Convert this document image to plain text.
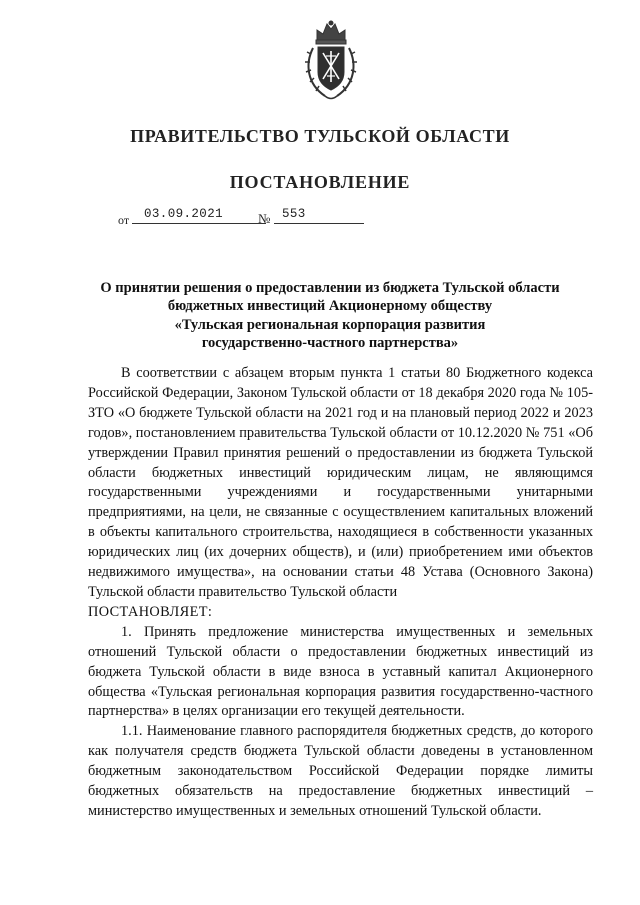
ПРАВИТЕЛЬСТВО ТУЛЬСКОЙ ОБЛАСТИ
ПОСТАНОВЛЕНИЕ
от 03.09.2021	№ 553
О принятии решения о предоставлении из бюджета Тульской области
бюджетных инвестиций Акционерному обществу
«Тульская региональная корпорация развития
государственно-частного партнерства»

В соответствии с абзацем вторым пункта 1 статьи 80 Бюджетного кодекса Российской Федерации, Законом Тульской области от 18 декабря 2020 года № 105-ЗТО «О бюджете Тульской области на 2021 год и на плановый период 2022 и 2023 годов», постановлением правительства Тульской области от 10.12.2020 № 751 «Об утверждении Правил принятия решений о предоставлении из бюджета Тульской области бюджетных инвестиций юридическим лицам, не являющимся государственными учреждениями и государственными унитарными предприятиями, на цели, не связанные с осуществлением капитальных вложений в объекты капитального строительства, находящиеся в собственности указанных юридических лиц (их дочерних обществ), и (или) приобретением ими объектов недвижимого имущества», на основании статьи 48 Устава (Основного Закона) Тульской области правительство Тульской области

ПОСТАНОВЛЯЕТ:

1. Принять предложение министерства имущественных и земельных отношений Тульской области о предоставлении бюджетных инвестиций из бюджета Тульской области в виде взноса в уставный капитал Акционерного общества «Тульская региональная корпорация развития государственно-частного партнерства» в целях организации его текущей деятельности.

1.1. Наименование главного распорядителя бюджетных средств, до которого как получателя средств бюджета Тульской области доведены в установленном бюджетным законодательством Российской Федерации порядке лимиты бюджетных обязательств на предоставление бюджетных инвестиций – министерство имущественных и земельных отношений Тульской области.
